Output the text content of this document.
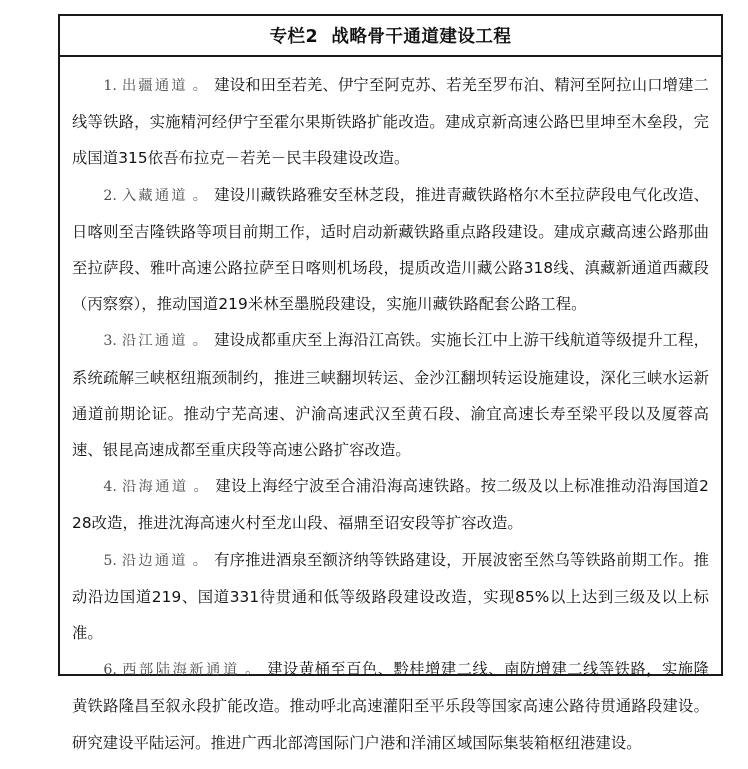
专栏2  战略骨干通道建设工程

1. 出疆通道 。 建设和田至若羌、伊宁至阿克苏、若羌至罗布泊、精河至阿拉山口增建二线等铁路，实施精河经伊宁至霍尔果斯铁路扩能改造。建成京新高速公路巴里坤至木垒段，完成国道315依吾布拉克－若羌－民丰段建设改造。

2. 入藏通道 。 建设川藏铁路雅安至林芝段，推进青藏铁路格尔木至拉萨段电气化改造、日喀则至吉隆铁路等项目前期工作，适时启动新藏铁路重点路段建设。建成京藏高速公路那曲至拉萨段、雅叶高速公路拉萨至日喀则机场段，提质改造川藏公路318线、滇藏新通道西藏段（丙察察），推动国道219米林至墨脱段建设，实施川藏铁路配套公路工程。

3. 沿江通道 。 建设成都重庆至上海沿江高铁。实施长江中上游干线航道等级提升工程，系统疏解三峡枢纽瓶颈制约，推进三峡翻坝转运、金沙江翻坝转运设施建设，深化三峡水运新通道前期论证。推动宁芜高速、沪渝高速武汉至黄石段、渝宜高速长寿至梁平段以及厦蓉高速、银昆高速成都至重庆段等高速公路扩容改造。

4. 沿海通道 。 建设上海经宁波至合浦沿海高速铁路。按二级及以上标准推动沿海国道228改造，推进沈海高速火村至龙山段、福鼎至诏安段等扩容改造。

5. 沿边通道 。 有序推进酒泉至额济纳等铁路建设，开展波密至然乌等铁路前期工作。推动沿边国道219、国道331待贯通和低等级路段建设改造，实现85%以上达到三级及以上标准。

6. 西部陆海新通道 。 建设黄桶至百色、黔桂增建二线、南防增建二线等铁路，实施隆黄铁路隆昌至叙永段扩能改造。推动呼北高速灌阳至平乐段等国家高速公路待贯通路段建设。研究建设平陆运河。推进广西北部湾国际门户港和洋浦区域国际集装箱枢纽港建设。
